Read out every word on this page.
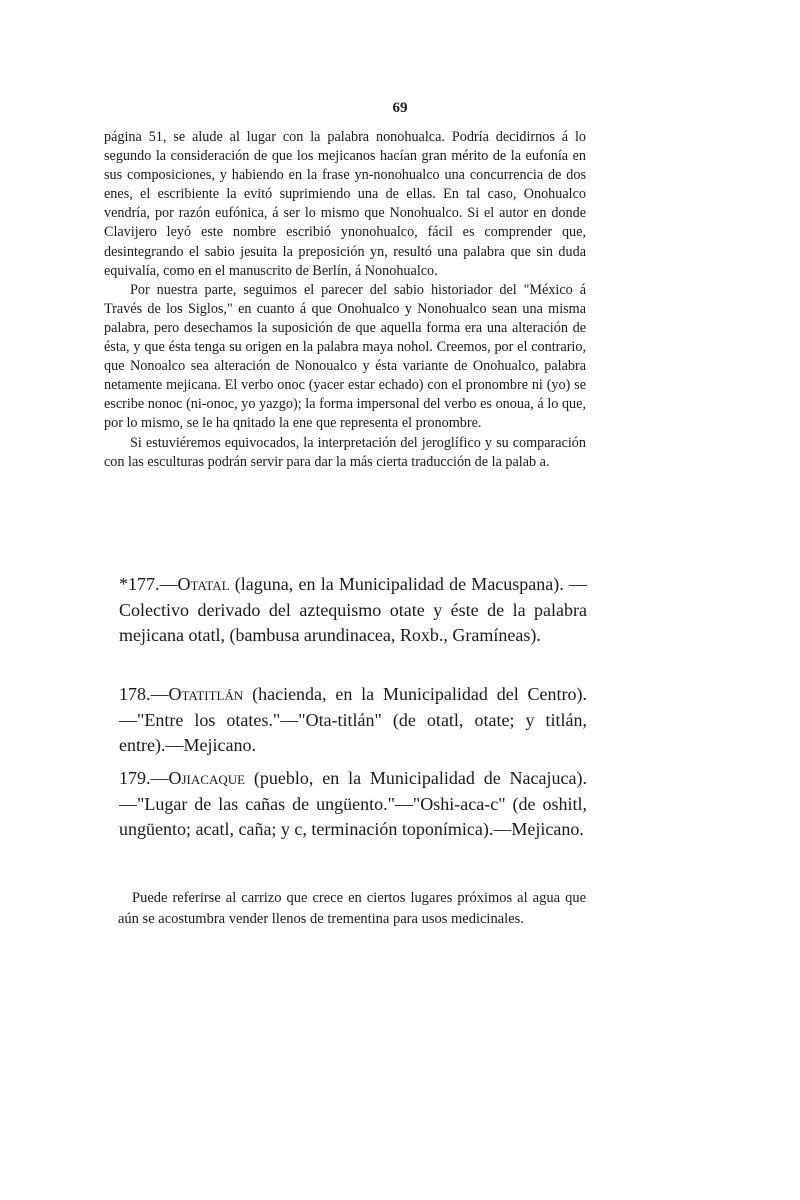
69

página 51, se alude al lugar con la palabra nonohualca. Podría decidirnos á lo segundo la consideración de que los mejicanos hacían gran mérito de la eufonía en sus composiciones, y habiendo en la frase yn-nonohualco una concurrencia de dos enes, el escribiente la evitó suprimiendo una de ellas. En tal caso, Onohualco vendría, por razón eufónica, á ser lo mismo que Nonohualco. Si el autor en donde Clavijero leyó este nombre escribió ynonohualco, fácil es comprender que, desintegrando el sabio jesuita la preposición yn, resultó una palabra que sin duda equivalía, como en el manuscrito de Berlín, á Nonohualco.

Por nuestra parte, seguimos el parecer del sabio historiador del "México á Través de los Siglos," en cuanto á que Onohualco y Nonohualco sean una misma palabra, pero desechamos la suposición de que aquella forma era una alteración de ésta, y que ésta tenga su origen en la palabra maya nohol. Creemos, por el contrario, que Nonoalco sea alteración de Nonoualco y ésta variante de Onohualco, palabra netamente mejicana. El verbo onoc (yacer estar echado) con el pronombre ni (yo) se escribe nonoc (ni-onoc, yo yazgo); la forma impersonal del verbo es onoua, á lo que, por lo mismo, se le ha qnitado la ene que representa el pronombre.

Si estuviéremos equivocados, la interpretación del jeroglífico y su comparación con las esculturas podrán servir para dar la más cierta traducción de la palab a.

*177.—Otatal (laguna, en la Municipalidad de Macuspana). —Colectivo derivado del aztequismo otate y éste de la palabra mejicana otatl, (bambusa arundinacea, Roxb., Gramíneas).

178.—Otatitlán (hacienda, en la Municipalidad del Centro). —"Entre los otates."—"Ota-titlán" (de otatl, otate; y titlán, entre).—Mejicano.

179.—Ojiacaque (pueblo, en la Municipalidad de Nacajuca). —"Lugar de las cañas de ungüento."—"Oshi-aca-c" (de oshitl, ungüento; acatl, caña; y c, terminación toponímica).—Mejicano.

Puede referirse al carrizo que crece en ciertos lugares próximos al agua que aún se acostumbra vender llenos de trementina para usos medicinales.
